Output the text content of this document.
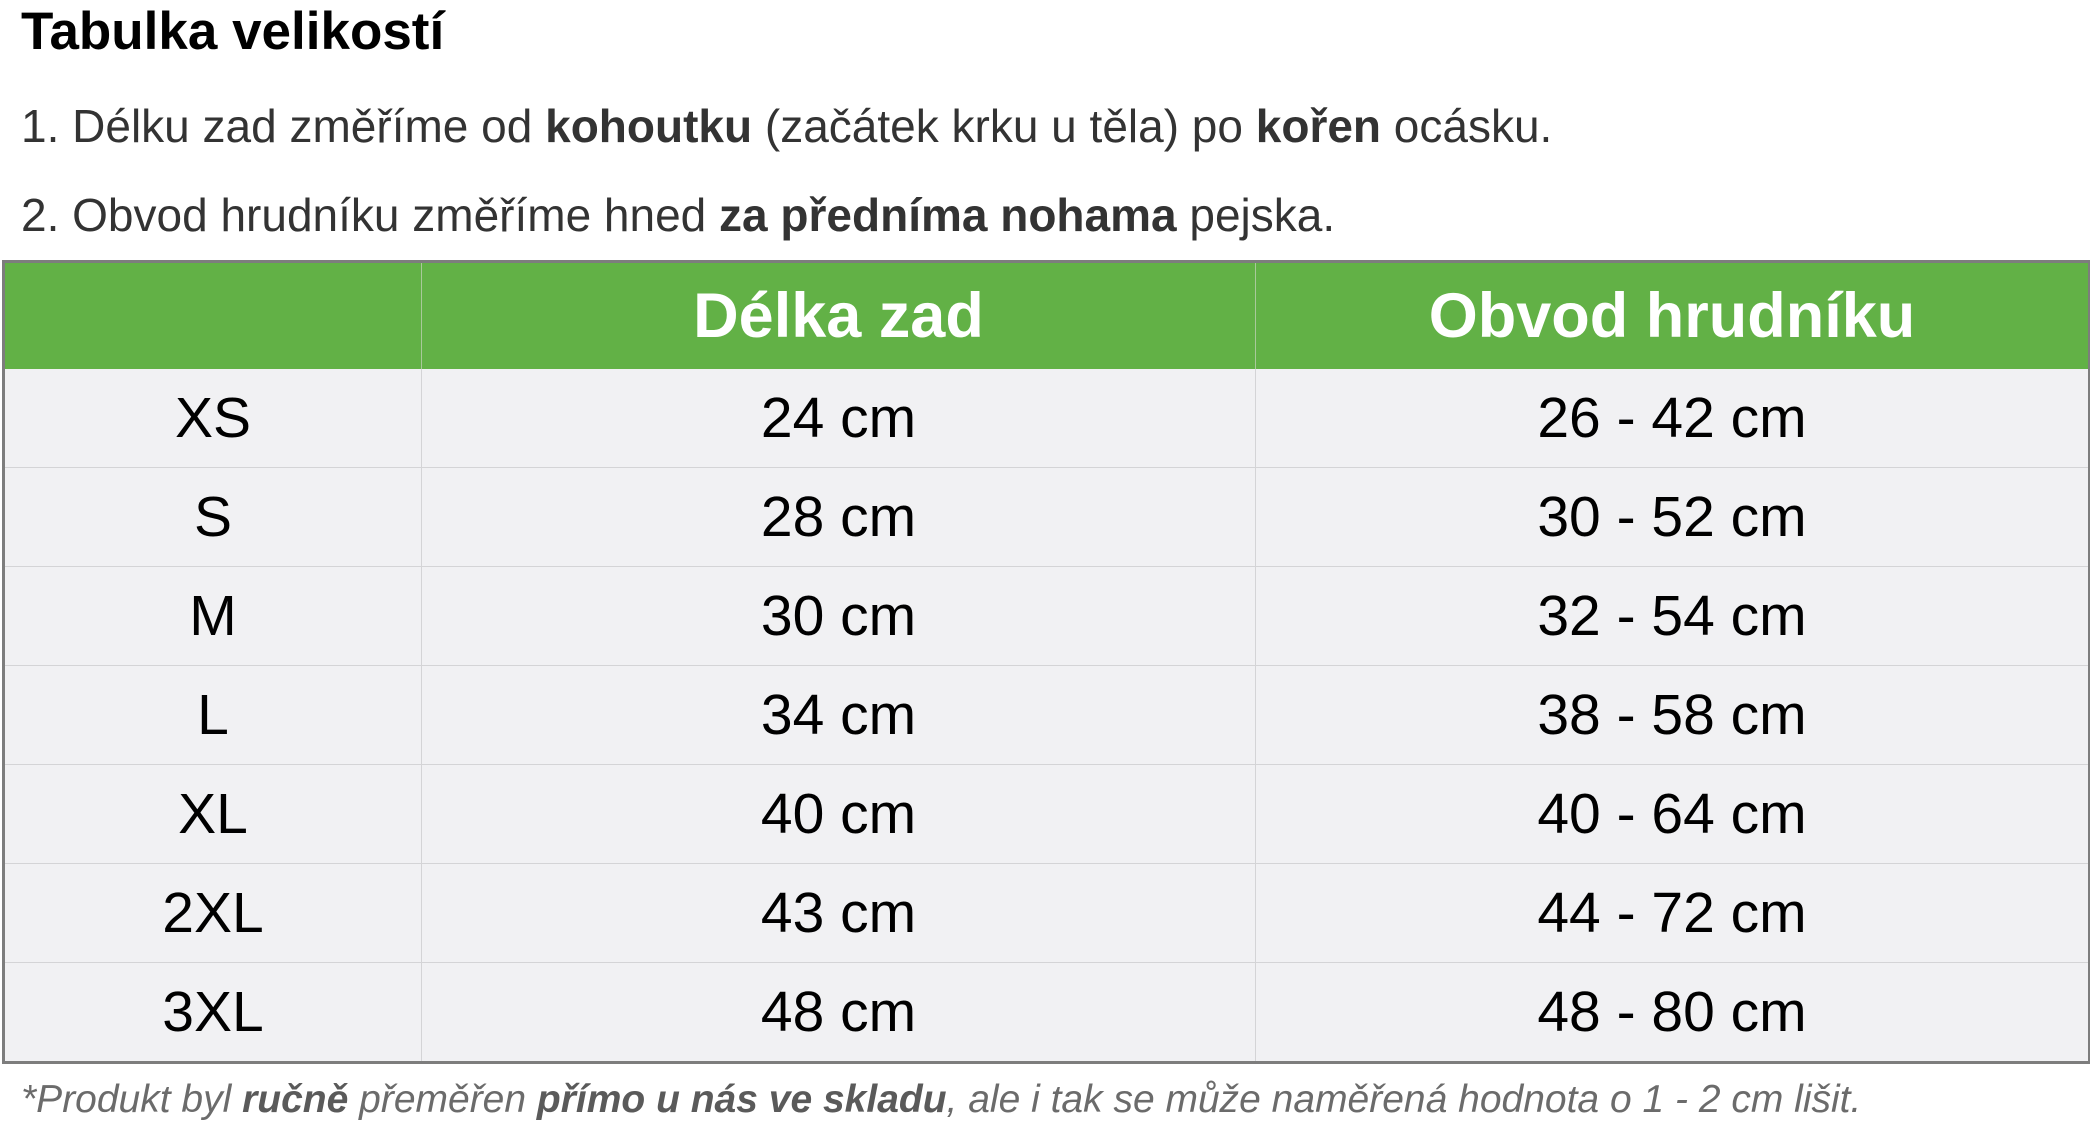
Tabulka velikostí
1. Délku zad změříme od kohoutku (začátek krku u těla) po kořen ocásku.
2. Obvod hrudníku změříme hned za předníma nohama pejska.
	Délka zad	Obvod hrudníku
XS	24 cm	26 - 42 cm
S	28 cm	30 - 52 cm
M	30 cm	32 - 54 cm
L	34 cm	38 - 58 cm
XL	40 cm	40 - 64 cm
2XL	43 cm	44 - 72 cm
3XL	48 cm	48 - 80 cm
*Produkt byl ručně přeměřen přímo u nás ve skladu, ale i tak se může naměřená hodnota o 1 - 2 cm lišit.
